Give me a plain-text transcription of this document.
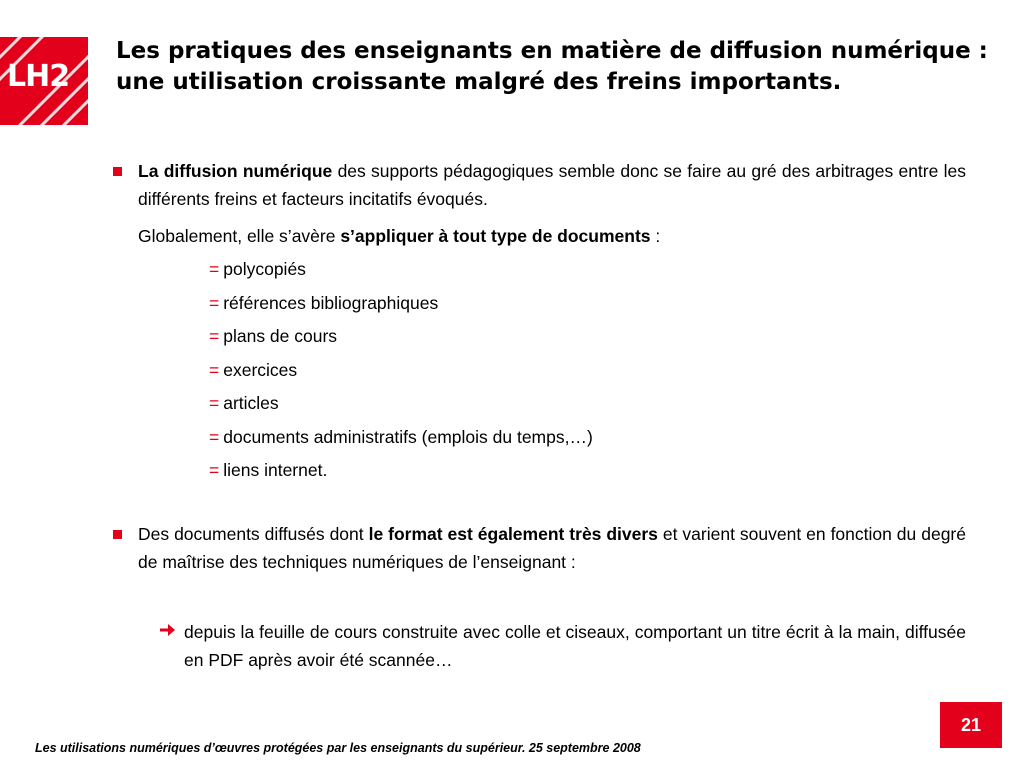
LH2
Les pratiques des enseignants en matière de diffusion numérique : une utilisation croissante malgré des freins importants.

La diffusion numérique des supports pédagogiques semble donc se faire au gré des arbitrages entre les différents freins et facteurs incitatifs évoqués.

Globalement, elle s’avère s’appliquer à tout type de documents :

= polycopiés
= références bibliographiques
= plans de cours
= exercices
= articles
= documents administratifs (emplois du temps,…)
= liens internet.

Des documents diffusés dont le format est également très divers et varient souvent en fonction du degré de maîtrise des techniques numériques de l’enseignant :

depuis la feuille de cours construite avec colle et ciseaux, comportant un titre écrit à la main, diffusée en PDF après avoir été scannée…

Les utilisations numériques d’œuvres protégées par les enseignants du supérieur. 25 septembre 2008
21
